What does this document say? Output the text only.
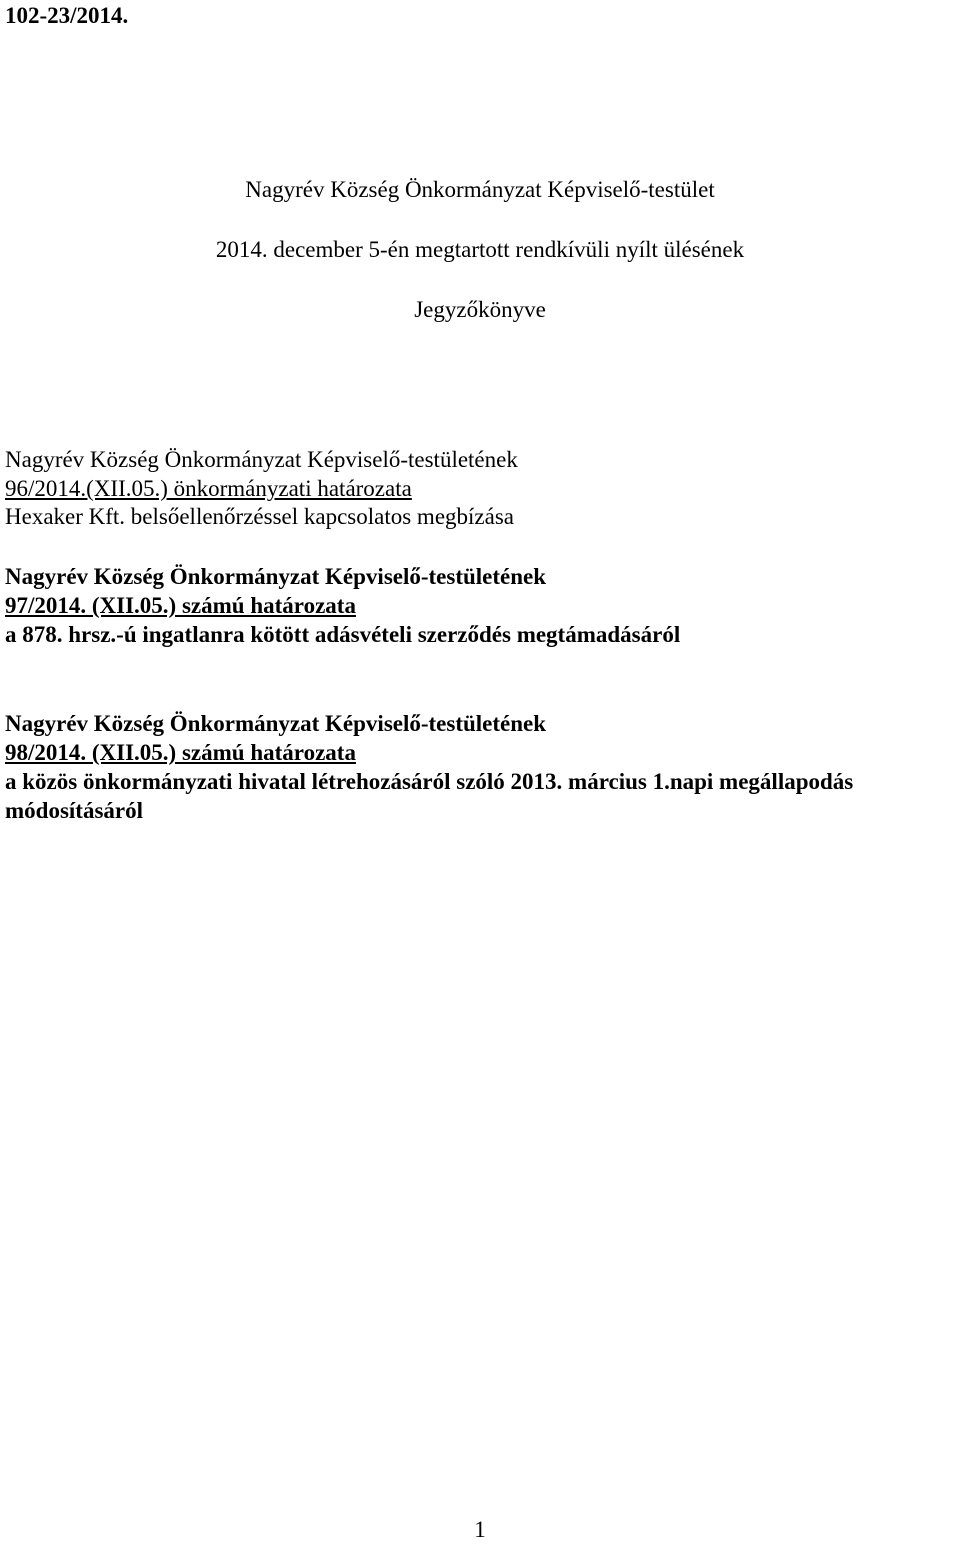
102-23/2014.
Nagyrév Község Önkormányzat Képviselő-testület
2014. december 5-én megtartott rendkívüli nyílt ülésének
Jegyzőkönyve
Nagyrév Község Önkormányzat Képviselő-testületének
96/2014.(XII.05.) önkormányzati határozata
Hexaker Kft. belsőellenőrzéssel kapcsolatos megbízása
Nagyrév Község Önkormányzat Képviselő-testületének
97/2014. (XII.05.) számú határozata
a 878. hrsz.-ú ingatlanra kötött adásvételi szerződés megtámadásáról
Nagyrév Község Önkormányzat Képviselő-testületének
98/2014. (XII.05.) számú határozata
a közös önkormányzati hivatal létrehozásáról szóló 2013. március 1.napi megállapodás
módosításáról
1
